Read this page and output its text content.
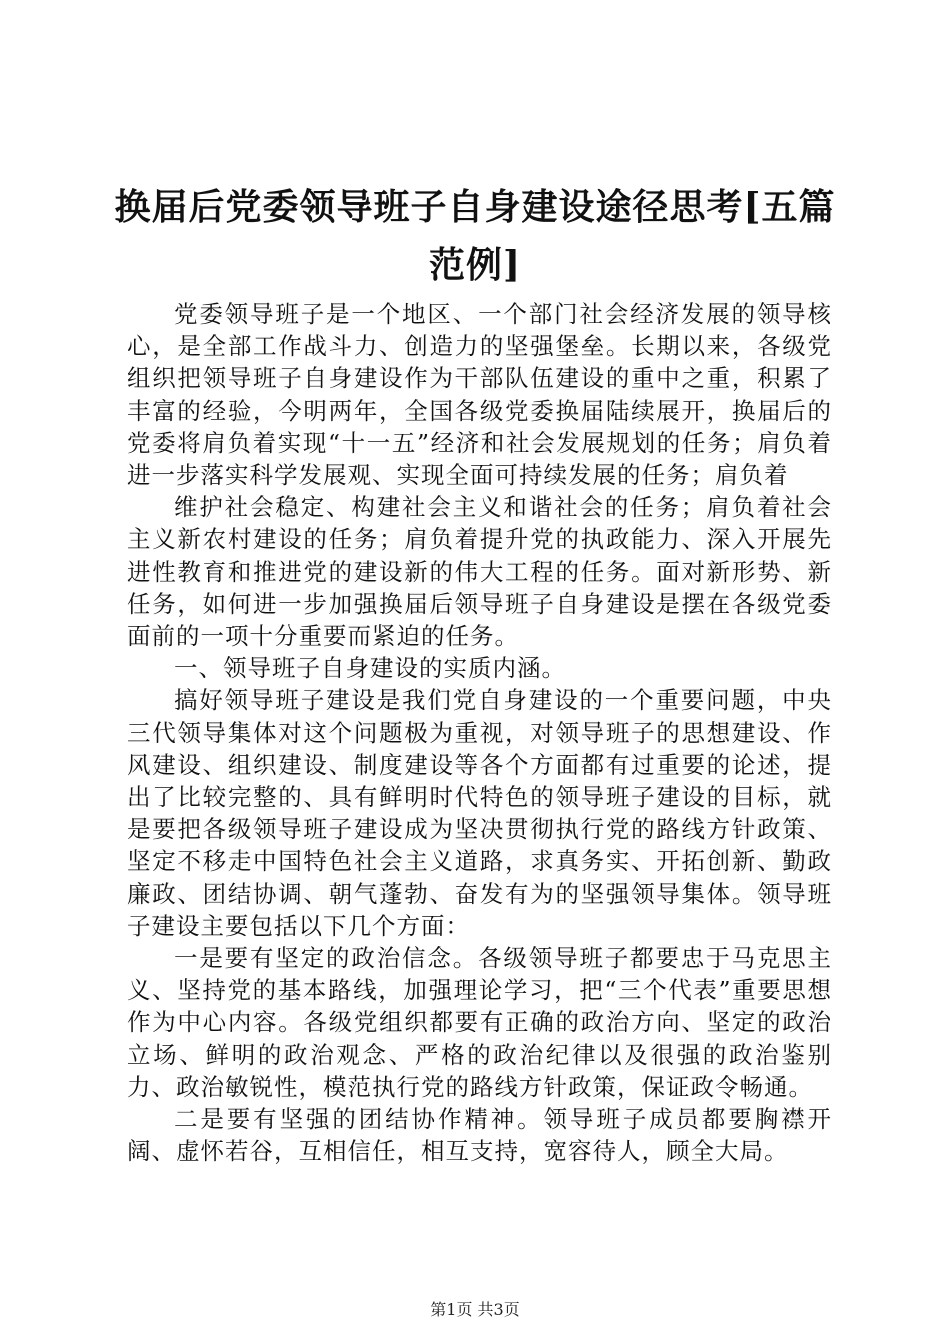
换届后党委领导班子自身建设途径思考[五篇范例]

党委领导班子是一个地区、一个部门社会经济发展的领导核心，是全部工作战斗力、创造力的坚强堡垒。长期以来，各级党组织把领导班子自身建设作为干部队伍建设的重中之重，积累了丰富的经验，今明两年，全国各级党委换届陆续展开，换届后的党委将肩负着实现“十一五”经济和社会发展规划的任务；肩负着进一步落实科学发展观、实现全面可持续发展的任务；肩负着

维护社会稳定、构建社会主义和谐社会的任务；肩负着社会主义新农村建设的任务；肩负着提升党的执政能力、深入开展先进性教育和推进党的建设新的伟大工程的任务。面对新形势、新任务，如何进一步加强换届后领导班子自身建设是摆在各级党委面前的一项十分重要而紧迫的任务。

一、领导班子自身建设的实质内涵。

搞好领导班子建设是我们党自身建设的一个重要问题，中央三代领导集体对这个问题极为重视，对领导班子的思想建设、作风建设、组织建设、制度建设等各个方面都有过重要的论述，提出了比较完整的、具有鲜明时代特色的领导班子建设的目标，就是要把各级领导班子建设成为坚决贯彻执行党的路线方针政策、坚定不移走中国特色社会主义道路，求真务实、开拓创新、勤政廉政、团结协调、朝气蓬勃、奋发有为的坚强领导集体。领导班子建设主要包括以下几个方面：

一是要有坚定的政治信念。各级领导班子都要忠于马克思主义、坚持党的基本路线，加强理论学习，把“三个代表”重要思想作为中心内容。各级党组织都要有正确的政治方向、坚定的政治立场、鲜明的政治观念、严格的政治纪律以及很强的政治鉴别力、政治敏锐性，模范执行党的路线方针政策，保证政令畅通。

二是要有坚强的团结协作精神。领导班子成员都要胸襟开阔、虚怀若谷，互相信任，相互支持，宽容待人，顾全大局。

第1页 共3页
